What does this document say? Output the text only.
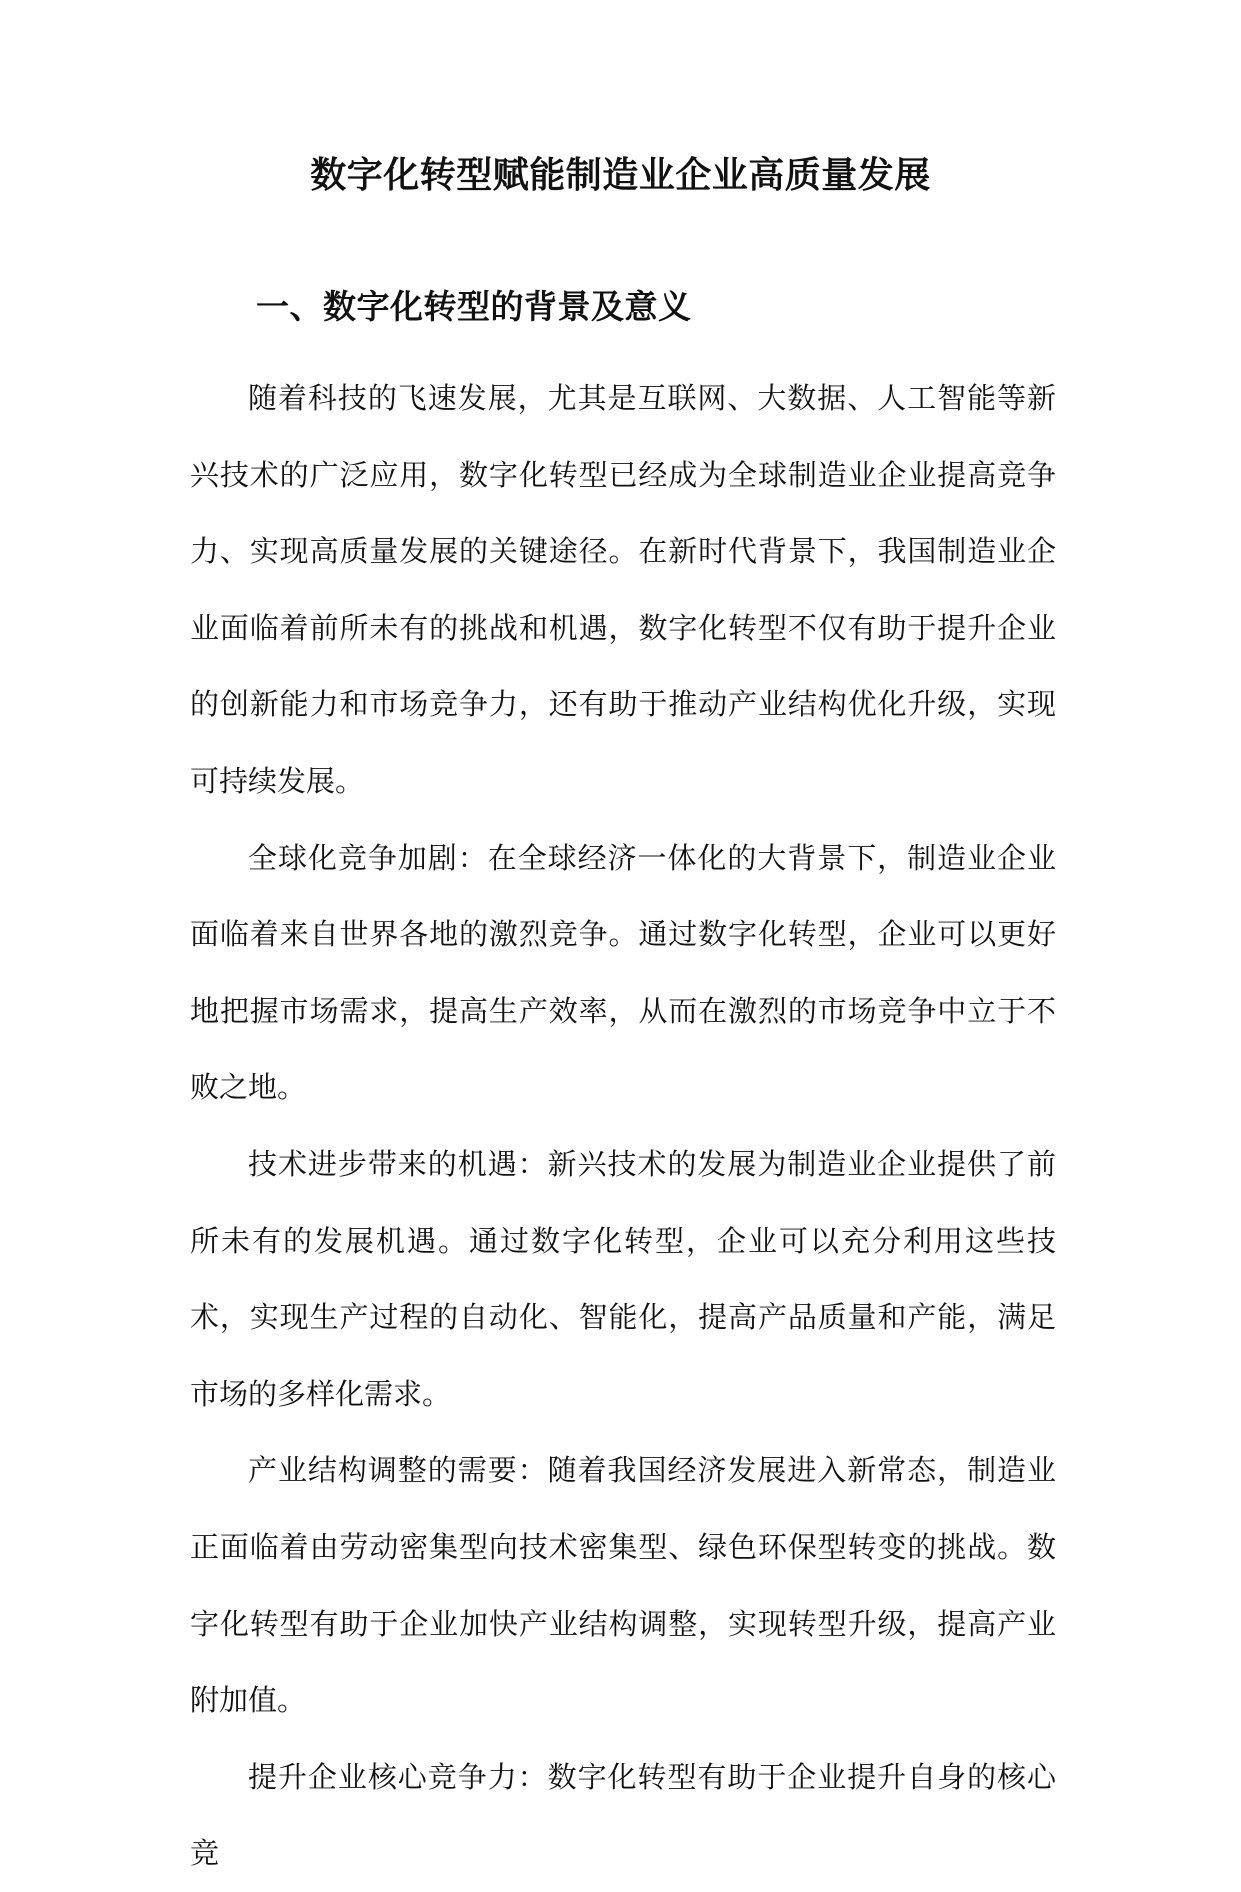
数字化转型赋能制造业企业高质量发展
一、数字化转型的背景及意义

随着科技的飞速发展，尤其是互联网、大数据、人工智能等新兴技术的广泛应用，数字化转型已经成为全球制造业企业提高竞争力、实现高质量发展的关键途径。在新时代背景下，我国制造业企业面临着前所未有的挑战和机遇，数字化转型不仅有助于提升企业的创新能力和市场竞争力，还有助于推动产业结构优化升级，实现可持续发展。

全球化竞争加剧：在全球经济一体化的大背景下，制造业企业面临着来自世界各地的激烈竞争。通过数字化转型，企业可以更好地把握市场需求，提高生产效率，从而在激烈的市场竞争中立于不败之地。

技术进步带来的机遇：新兴技术的发展为制造业企业提供了前所未有的发展机遇。通过数字化转型，企业可以充分利用这些技术，实现生产过程的自动化、智能化，提高产品质量和产能，满足市场的多样化需求。

产业结构调整的需要：随着我国经济发展进入新常态，制造业正面临着由劳动密集型向技术密集型、绿色环保型转变的挑战。数字化转型有助于企业加快产业结构调整，实现转型升级，提高产业附加值。

提升企业核心竞争力：数字化转型有助于企业提升自身的核心竞
